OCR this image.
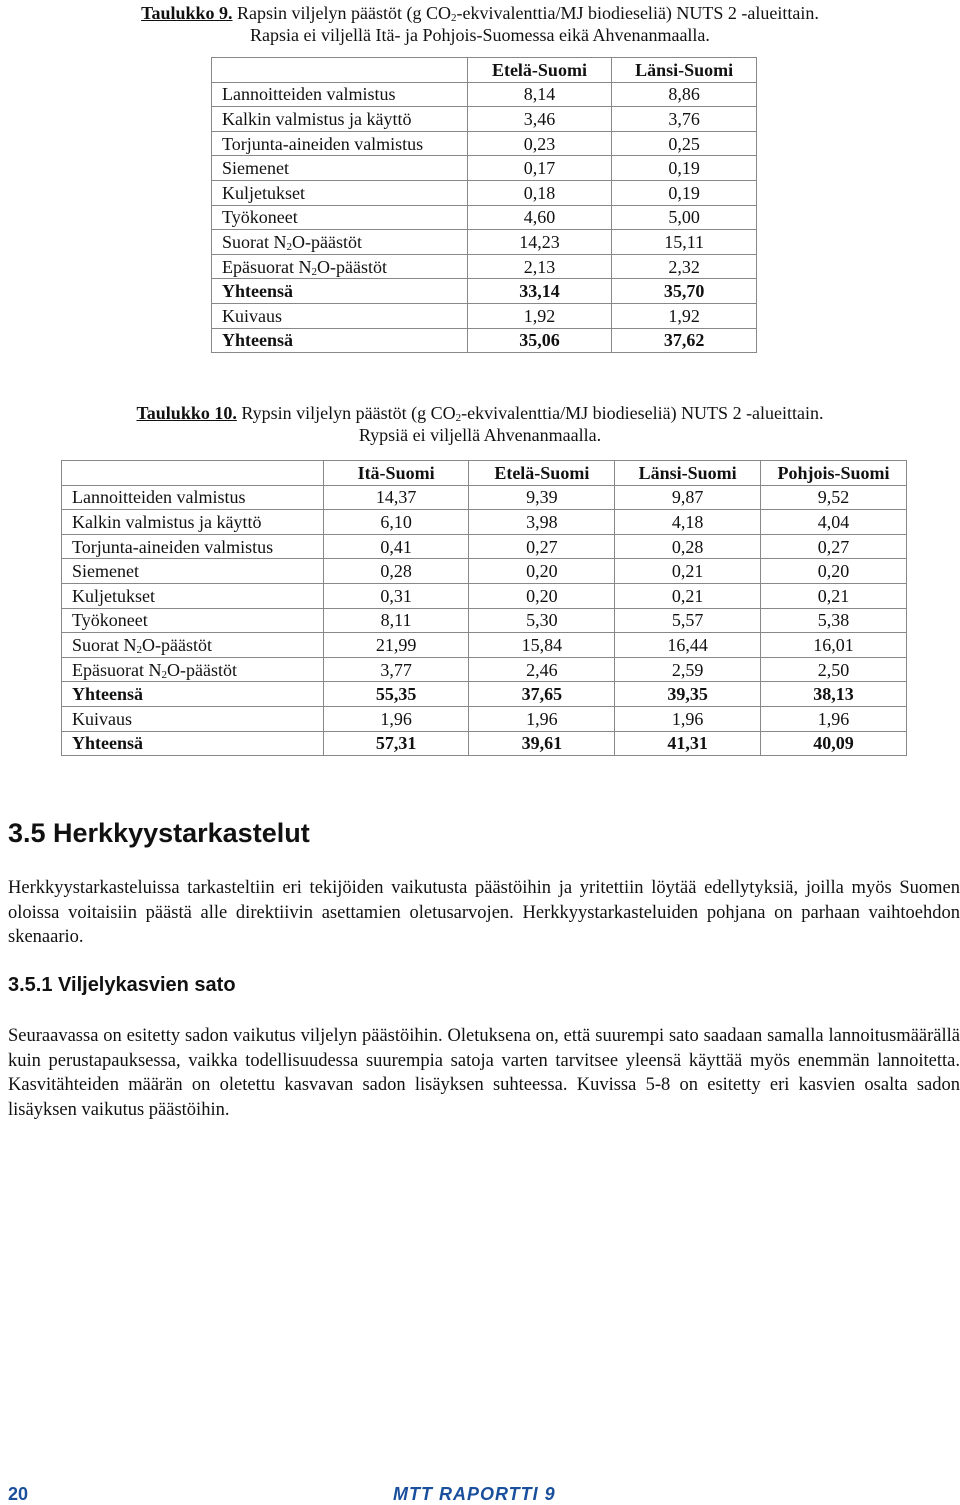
Taulukko 9. Rapsin viljelyn päästöt (g $CO_2-ekvivalenttia/MJ$ biodieseliä) NUTS 2 -alueittain.
Rapsia ei viljellä Itä- ja Pohjois-Suomessa eikä Ahvenanmaalla.
	Etelä-Suomi	Länsi-Suomi
Lannoitteiden valmistus	8,14	8,86
Kalkin valmistus ja käyttö	3,46	3,76
Torjunta-aineiden valmistus	0,23	0,25
Siemenet	0,17	0,19
Kuljetukset	0,18	0,19
Työkoneet	4,60	5,00
Suorat $N_2O$-päästöt	14,23	15,11
Epäsuorat $N_2O$-päästöt	2,13	2,32
Yhteensä	33,14	35,70
Kuivaus	1,92	1,92
Yhteensä	35,06	37,62
Taulukko 10. Rypsin viljelyn päästöt (g $CO_2-ekvivalenttia/MJ$ biodieseliä) NUTS 2 -alueittain.
Rypsiä ei viljellä Ahvenanmaalla.
	Itä-Suomi	Etelä-Suomi	Länsi-Suomi	Pohjois-Suomi
Lannoitteiden valmistus	14,37	9,39	9,87	9,52
Kalkin valmistus ja käyttö	6,10	3,98	4,18	4,04
Torjunta-aineiden valmistus	0,41	0,27	0,28	0,27
Siemenet	0,28	0,20	0,21	0,20
Kuljetukset	0,31	0,20	0,21	0,21
Työkoneet	8,11	5,30	5,57	5,38
Suorat $N_2O$-päästöt	21,99	15,84	16,44	16,01
Epäsuorat $N_2O$-päästöt	3,77	2,46	2,59	2,50
Yhteensä	55,35	37,65	39,35	38,13
Kuivaus	1,96	1,96	1,96	1,96
Yhteensä	57,31	39,61	41,31	40,09
3.5 Herkkyystarkastelut

Herkkyystarkasteluissa tarkasteltiin eri tekijöiden vaikutusta päästöihin ja yritettiin löytää edellytyksiä, joilla myös Suomen oloissa voitaisiin päästä alle direktiivin asettamien oletusarvojen. Herkkyystarkasteluiden pohjana on parhaan vaihtoehdon skenaario.

3.5.1 Viljelykasvien sato

Seuraavassa on esitetty sadon vaikutus viljelyn päästöihin. Oletuksena on, että suurempi sato saadaan samalla lannoitusmäärällä kuin perustapauksessa, vaikka todellisuudessa suurempia satoja varten tarvitsee yleensä käyttää myös enemmän lannoitetta. Kasvitähteiden määrän on oletettu kasvavan sadon lisäyksen suhteessa. Kuvissa 5-8 on esitetty eri kasvien osalta sadon lisäyksen vaikutus päästöihin.

20	MTT RAPORTTI 9
